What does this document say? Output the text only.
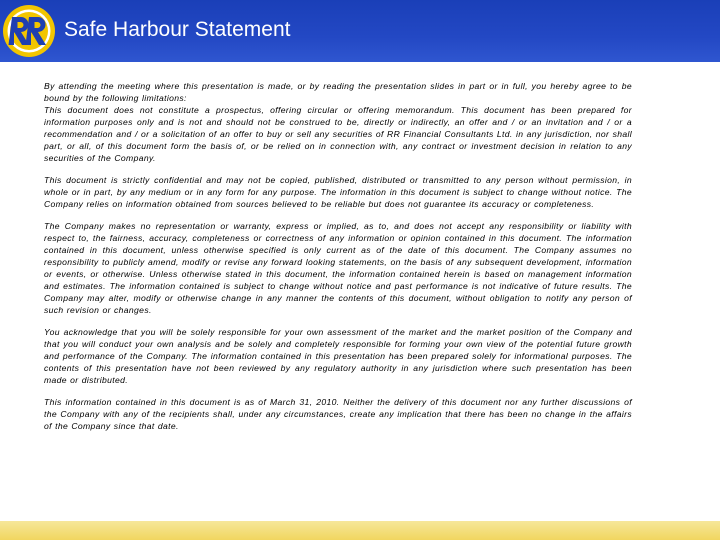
Safe Harbour Statement

By attending the meeting where this presentation is made, or by reading the presentation slides in part or in full, you hereby agree to be bound by the following limitations:

This document does not constitute a prospectus, offering circular or offering memorandum. This document has been prepared for information purposes only and is not and should not be construed to be, directly or indirectly, an offer and / or an invitation and / or a recommendation and / or a solicitation of an offer to buy or sell any securities of RR Financial Consultants Ltd. in any jurisdiction, nor shall part, or all, of this document form the basis of, or be relied on in connection with, any contract or investment decision in relation to any securities of the Company.

This document is strictly confidential and may not be copied, published, distributed or transmitted to any person without permission, in whole or in part, by any medium or in any form for any purpose. The information in this document is subject to change without notice. The Company relies on information obtained from sources believed to be reliable but does not guarantee its accuracy or completeness.

The Company makes no representation or warranty, express or implied, as to, and does not accept any responsibility or liability with respect to, the fairness, accuracy, completeness or correctness of any information or opinion contained in this document. The information contained in this document, unless otherwise specified is only current as of the date of this document. The Company assumes no responsibility to publicly amend, modify or revise any forward looking statements, on the basis of any subsequent development, information or events, or otherwise. Unless otherwise stated in this document, the information contained herein is based on management information and estimates. The information contained is subject to change without notice and past performance is not indicative of future results. The Company may alter, modify or otherwise change in any manner the contents of this document, without obligation to notify any person of such revision or changes.

You acknowledge that you will be solely responsible for your own assessment of the market and the market position of the Company and that you will conduct your own analysis and be solely and completely responsible for forming your own view of the potential future growth and performance of the Company. The information contained in this presentation has been prepared solely for informational purposes. The contents of this presentation have not been reviewed by any regulatory authority in any jurisdiction where such presentation has been made or distributed.

This information contained in this document is as of March 31, 2010. Neither the delivery of this document nor any further discussions of the Company with any of the recipients shall, under any circumstances, create any implication that there has been no change in the affairs of the Company since that date.
